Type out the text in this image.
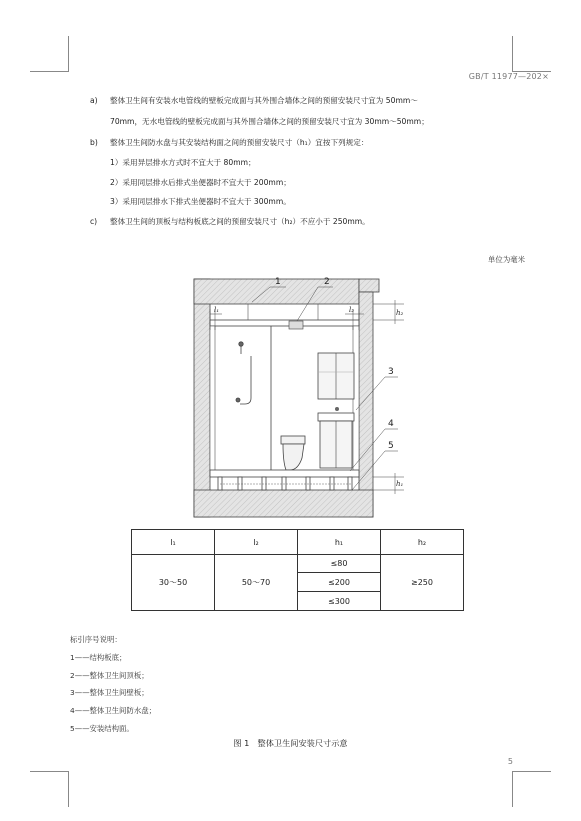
GB/T 11977—202×
a) 整体卫生间有安装水电管线的壁板完成面与其外围合墙体之间的预留安装尺寸宜为 50mm～
70mm，无水电管线的壁板完成面与其外围合墙体之间的预留安装尺寸宜为 30mm～50mm；
b) 整体卫生间防水盘与其安装结构面之间的预留安装尺寸（h₁）宜按下列规定：
1）采用异层排水方式时不宜大于 80mm；
2）采用同层排水后排式坐便器时不宜大于 200mm；
3）采用同层排水下排式坐便器时不宜大于 300mm。
c) 整体卫生间的顶板与结构板底之间的预留安装尺寸（h₂）不应小于 250mm。
单位为毫米
1	2
3
4
5
l₁	l₂	h₂
h₁
l₁	l₂	h₁	h₂
30～50	50～70	≤80	≥250
		≤200	
		≤300	
标引序号说明：
1——结构板底；
2——整体卫生间顶板；
3——整体卫生间壁板；
4——整体卫生间防水盘；
5——安装结构面。
图 1　整体卫生间安装尺寸示意
5
